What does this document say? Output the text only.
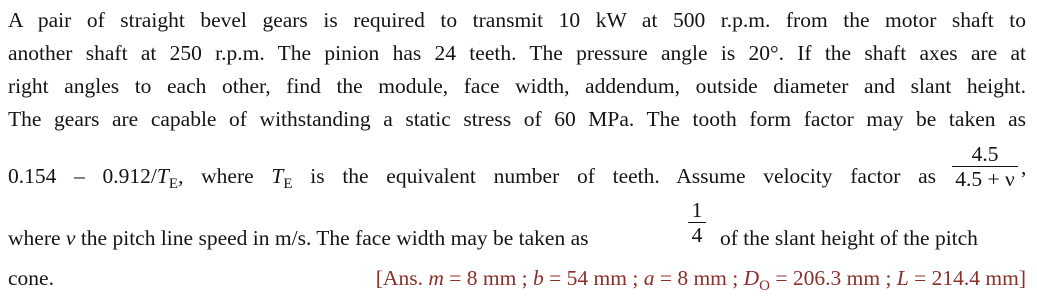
A pair of straight bevel gears is required to transmit 10 kW at 500 r.p.m. from the motor shaft to
another shaft at 250 r.p.m. The pinion has 24 teeth. The pressure angle is 20°. If the shaft axes are at
right angles to each other, find the module, face width, addendum, outside diameter and slant height.
The gears are capable of withstanding a static stress of 60 MPa. The tooth form factor may be taken as
$0.154 - 0.912/T_E$, where $T_E$ is the equivalent number of teeth. Assume velocity factor as
4.5
4.5 + ν ,
where v the pitch line speed in m/s. The face width may be taken as
1
4 of the slant height of the pitch
cone.	[Ans. m = 8 mm ; b = 54 mm ; a = 8 mm ; $D_O = 206.3$ mm ; L = 214.4 mm]
